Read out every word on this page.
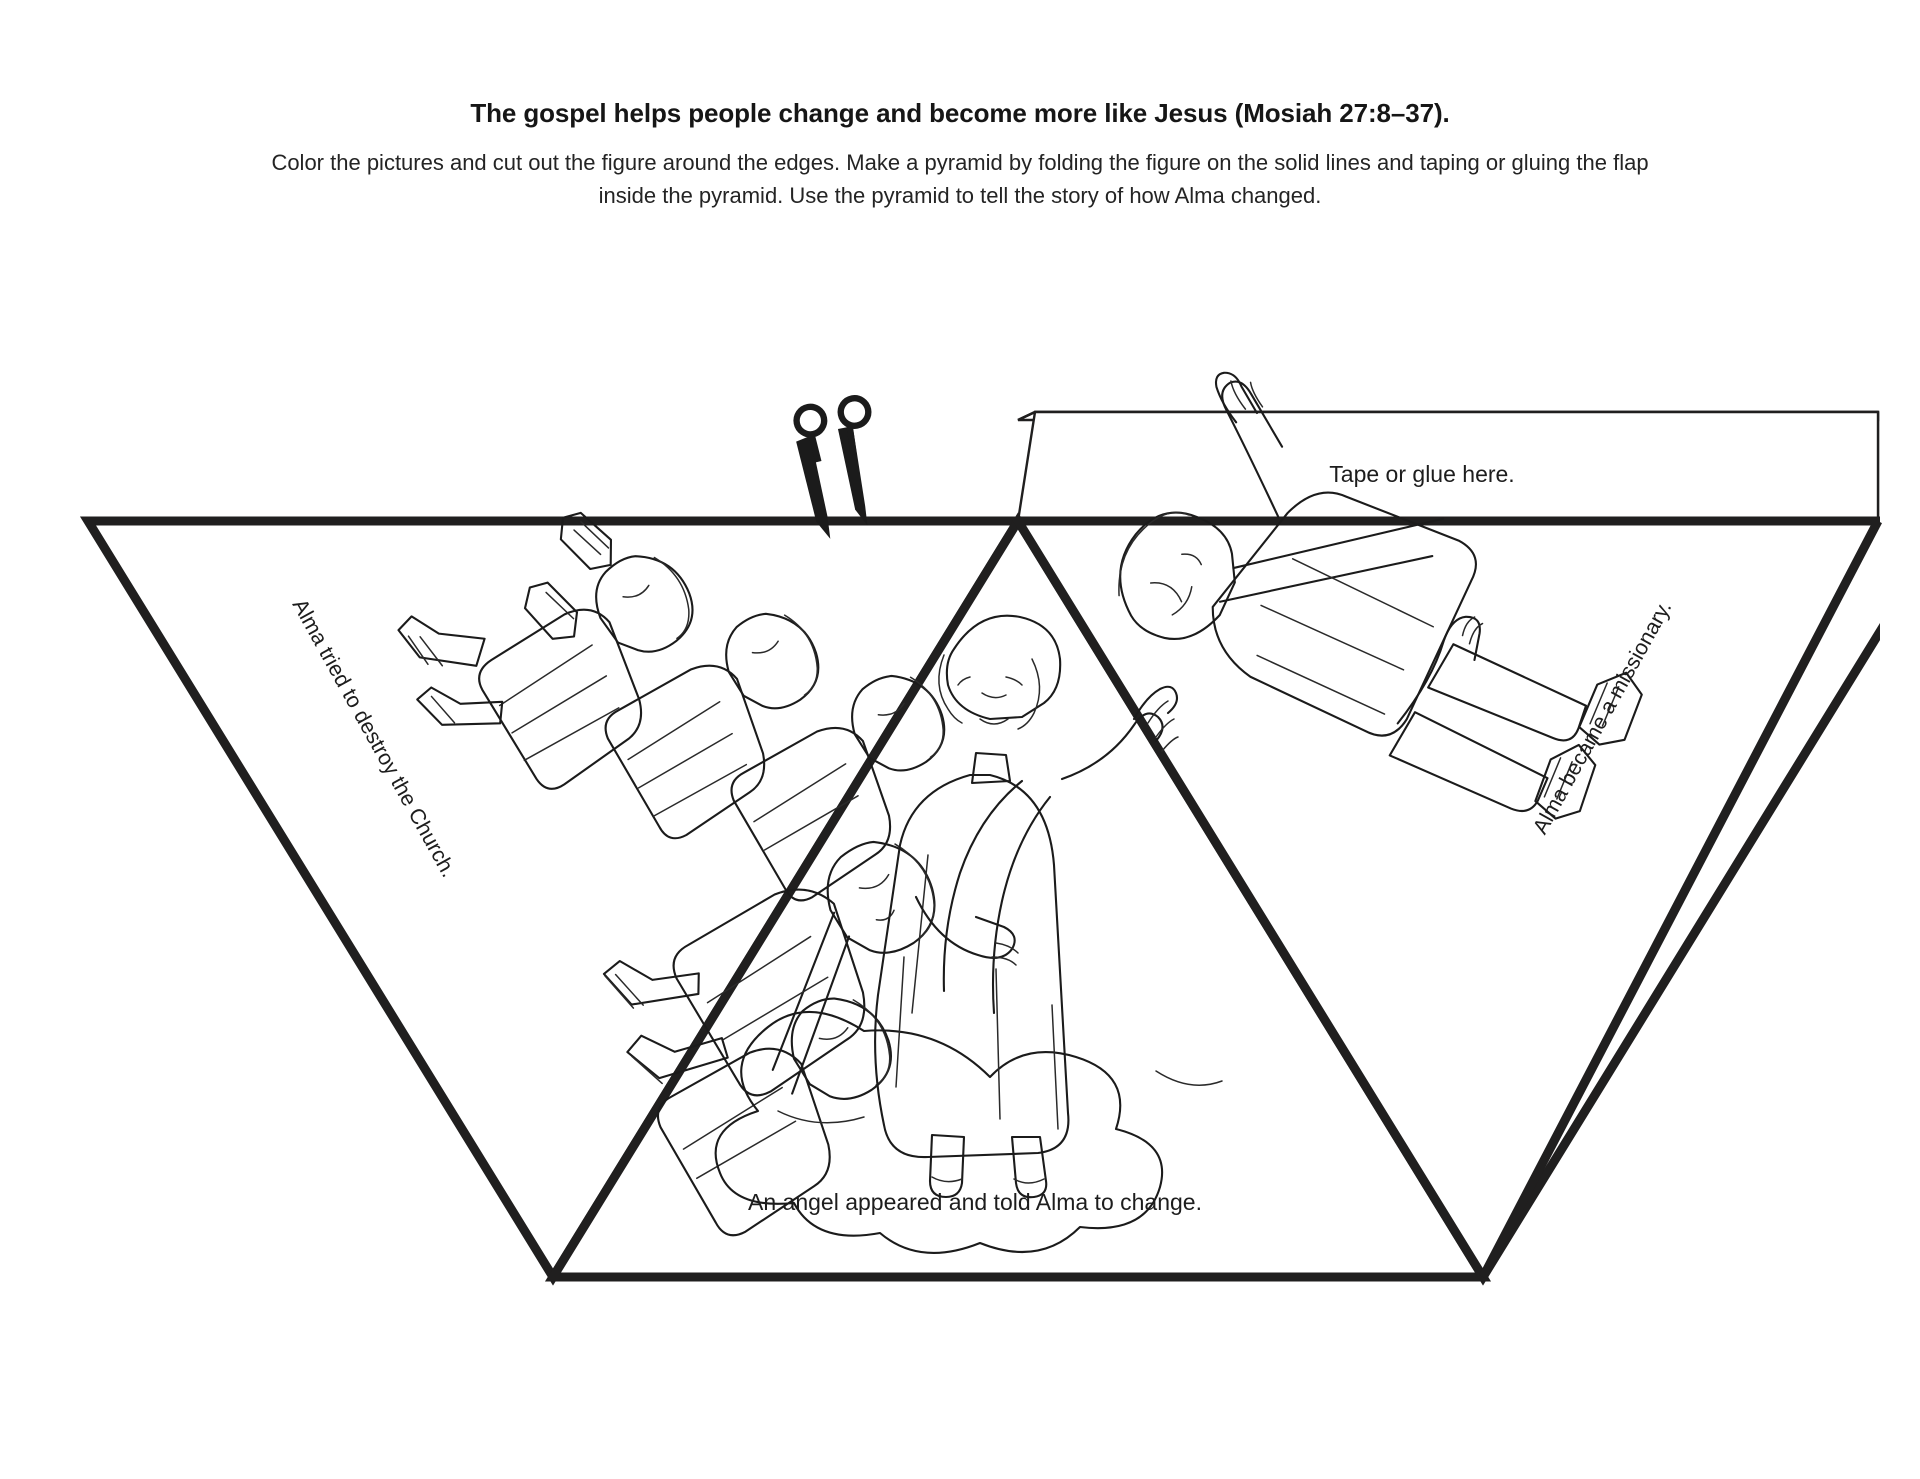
The gospel helps people change and become more like Jesus (Mosiah 27:8–37).

Color the pictures and cut out the figure around the edges. Make a pyramid by folding the figure on the solid lines and taping or gluing the flap inside the pyramid. Use the pyramid to tell the story of how Alma changed.

Alma tried to destroy the Church.
An angel appeared and told Alma to change.
Alma became a missionary.
Tape or glue here.
